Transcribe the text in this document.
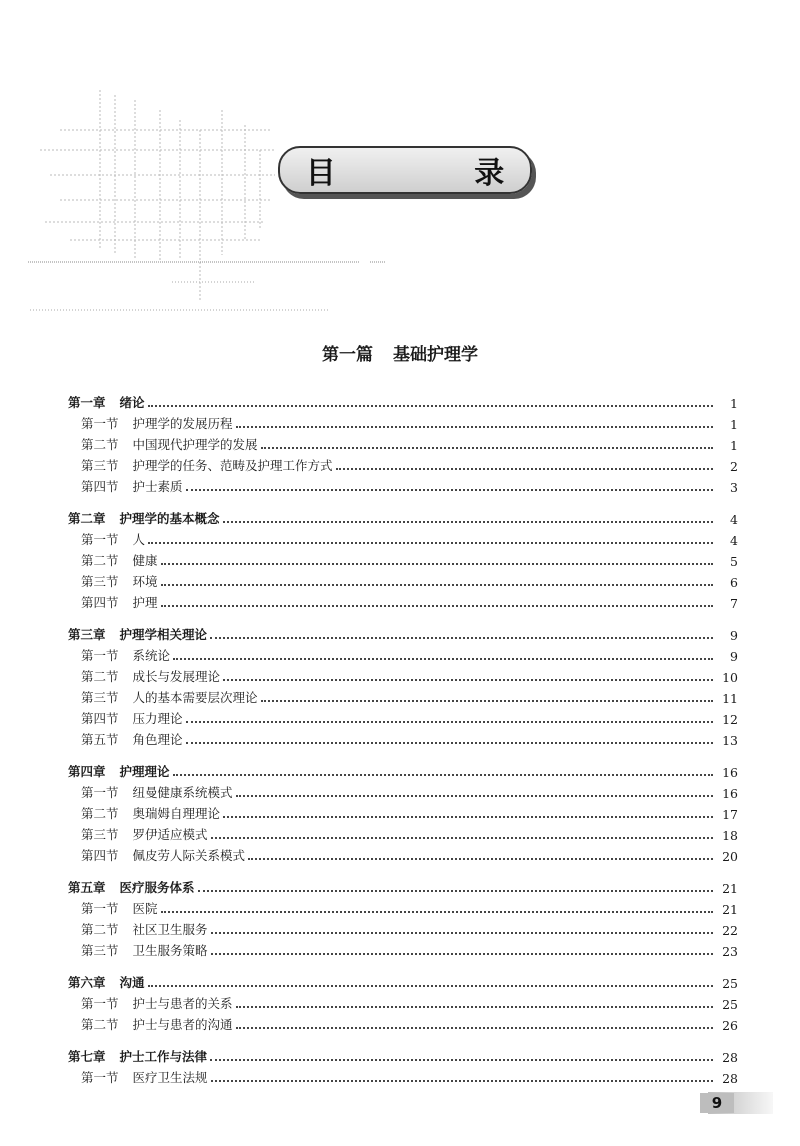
目 录
第一篇 基础护理学
第一章 绪论	1
第一节 护理学的发展历程	1
第二节 中国现代护理学的发展	1
第三节 护理学的任务、范畴及护理工作方式	2
第四节 护士素质	3
第二章 护理学的基本概念	4
第一节 人	4
第二节 健康	5
第三节 环境	6
第四节 护理	7
第三章 护理学相关理论	9
第一节 系统论	9
第二节 成长与发展理论	10
第三节 人的基本需要层次理论	11
第四节 压力理论	12
第五节 角色理论	13
第四章 护理理论	16
第一节 纽曼健康系统模式	16
第二节 奥瑞姆自理理论	17
第三节 罗伊适应模式	18
第四节 佩皮劳人际关系模式	20
第五章 医疗服务体系	21
第一节 医院	21
第二节 社区卫生服务	22
第三节 卫生服务策略	23
第六章 沟通	25
第一节 护士与患者的关系	25
第二节 护士与患者的沟通	26
第七章 护士工作与法律	28
第一节 医疗卫生法规	28
9
